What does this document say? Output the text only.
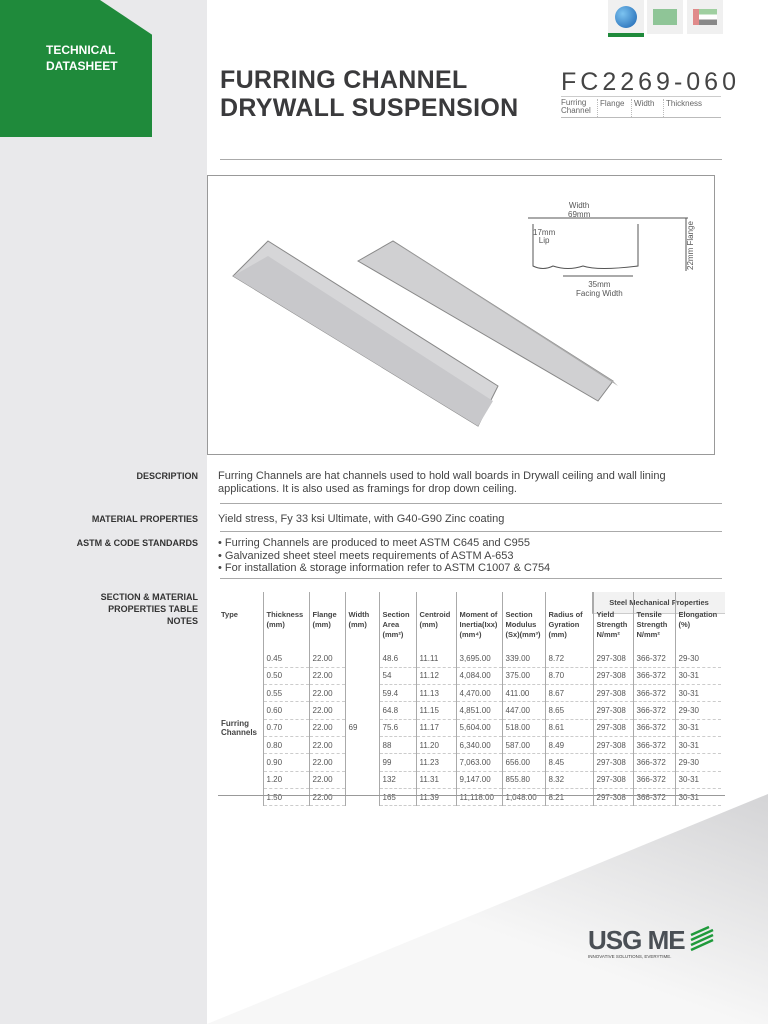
TECHNICAL
DATASHEET	FURRING CHANNEL
DRYWALL SUSPENSION
FC2269-060
Furring Channel
Flange	Width	Thickness
Width
69mm
17mm
Lip
22mm Flange
35mm
Facing Width
DESCRIPTION Furring Channels are hat channels used to hold wall boards in Drywall ceiling and wall lining applications. It is also used as framings for drop down ceiling.
MATERIAL PROPERTIES Yield stress, Fy 33 ksi Ultimate, with G40-G90 Zinc coating
ASTM & CODE STANDARDS • Furring Channels are produced to meet ASTM C645 and C955
• Galvanized sheet steel meets requirements of ASTM A-653
• For installation & storage information refer to ASTM C1007 & C754
SECTION & MATERIAL
PROPERTIES TABLE
NOTES
Steel Mechanical Properties
Type	Thickness (mm)	Flange (mm)	Width (mm)	Section Area (mm²)	Centroid (mm)	Moment of Inertia(Ixx) (mm⁴)	Section Modulus (Sx)(mm³)	Radius of Gyration (mm)	Yield Strength N/mm²	Tensile Strength N/mm²	Elongation (%)
Furring Channels	0.45	22.00	69	48.6	11.11	3,695.00	339.00	8.72	297-308	366-372	29-30
	0.50	22.00		54	11.12	4,084.00	375.00	8.70	297-308	366-372	30-31
	0.55	22.00		59.4	11.13	4,470.00	411.00	8.67	297-308	366-372	30-31
	0.60	22.00		64.8	11.15	4,851.00	447.00	8.65	297-308	366-372	29-30
	0.70	22.00		75.6	11.17	5,604.00	518.00	8.61	297-308	366-372	30-31
	0.80	22.00		88	11.20	6,340.00	587.00	8.49	297-308	366-372	30-31
	0.90	22.00		99	11.23	7,063.00	656.00	8.45	297-308	366-372	29-30
	1.20	22.00		132	11.31	9,147.00	855.80	8.32	297-308	366-372	30-31
	1.50	22.00		165	11.39	11,118.00	1,048.00	8.21	297-308	366-372	30-31
USG ME
INNOVATIVE SOLUTIONS, EVERYTIME.
